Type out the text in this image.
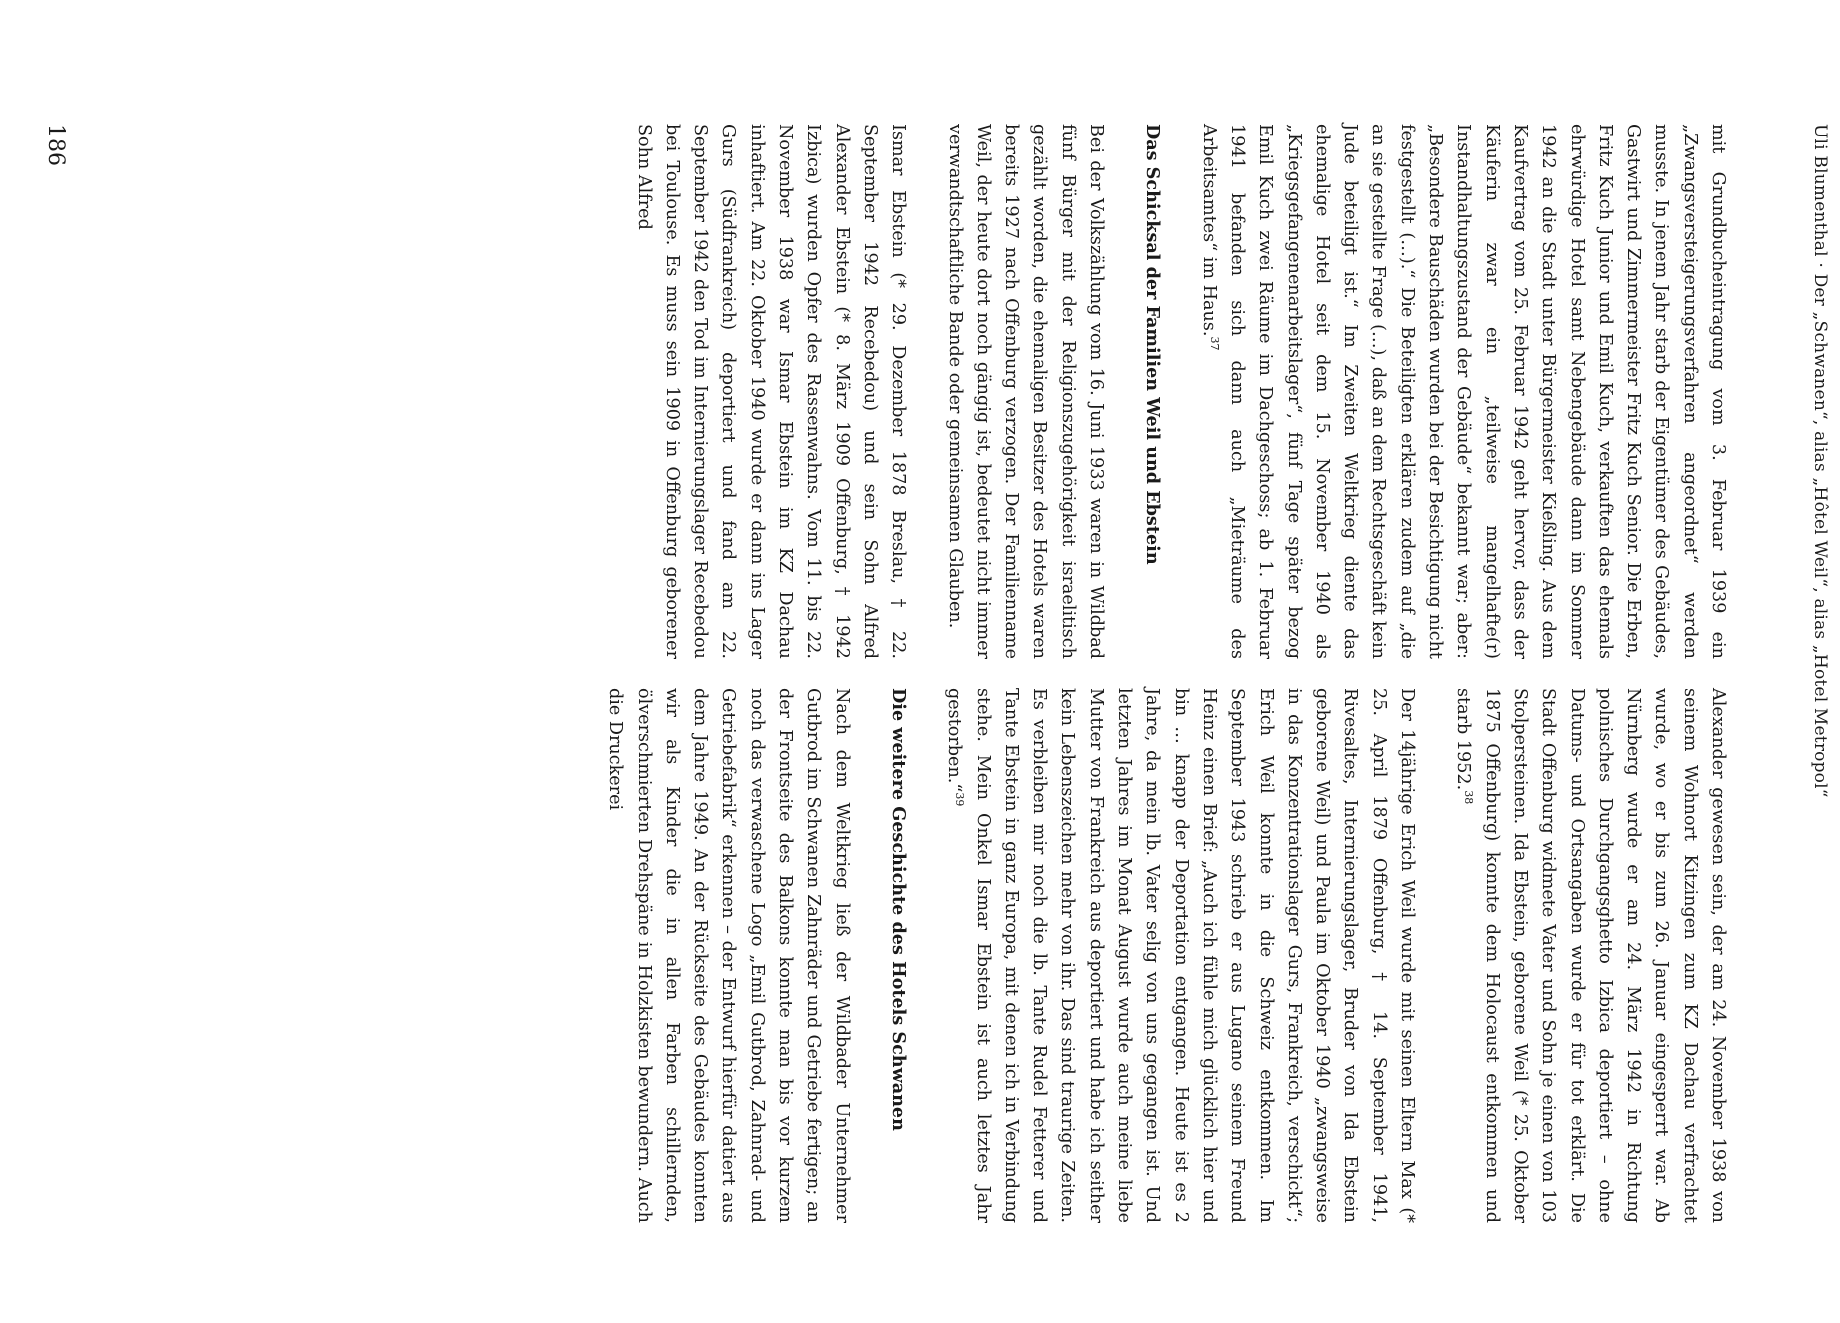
Uli Blumenthal · Der „Schwanen“, alias „Hôtel Weil“, alias „Hotel Metropol“

mit Grundbucheintragung vom 3. Februar 1939 ein „Zwangsversteigerungsverfahren angeordnet“ werden musste. In jenem Jahr starb der Eigentümer des Gebäudes, Gastwirt und Zimmermeister Fritz Kuch Senior. Die Erben, Fritz Kuch Junior und Emil Kuch, verkauften das ehemals ehrwürdige Hotel samt Nebengebäude dann im Sommer 1942 an die Stadt unter Bürgermeister Kießling. Aus dem Kaufvertrag vom 25. Februar 1942 geht hervor, dass der Käuferin zwar ein „teilweise mangelhafte(r) Instandhaltungszustand der Gebäude“ bekannt war; aber: „Besondere Bauschäden wurden bei der Besichtigung nicht festgestellt (…).“ Die Beteiligten erklären zudem auf „die an sie gestellte Frage (…), daß an dem Rechtsgeschäft kein Jude beteiligt ist.“ Im Zweiten Weltkrieg diente das ehemalige Hotel seit dem 15. November 1940 als „Kriegsgefangenenarbeitslager“, fünf Tage später bezog Emil Kuch zwei Räume im Dachgeschoss; ab 1. Februar 1941 befanden sich dann auch „Mieträume des Arbeitsamtes“ im Haus.$^{37}$

Das Schicksal der Familien Weil und Ebstein

Bei der Volkszählung vom 16. Juni 1933 waren in Wildbad fünf Bürger mit der Religionszugehörigkeit israelitisch gezählt worden, die ehemaligen Besitzer des Hotels waren bereits 1927 nach Offenburg verzogen. Der Familienname Weil, der heute dort noch gängig ist, bedeutet nicht immer verwandtschaftliche Bande oder gemeinsamen Glauben.

Ismar Ebstein (* 29. Dezember 1878 Breslau, † 22. September 1942 Recebedou) und sein Sohn Alfred Alexander Ebstein (* 8. März 1909 Offenburg, † 1942 Izbica) wurden Opfer des Rassenwahns. Vom 11. bis 22. November 1938 war Ismar Ebstein im KZ Dachau inhaftiert. Am 22. Oktober 1940 wurde er dann ins Lager Gurs (Südfrankreich) deportiert und fand am 22. September 1942 den Tod im Internierungslager Recebedou bei Toulouse. Es muss sein 1909 in Offenburg geborener Sohn Alfred

Alexander gewesen sein, der am 24. November 1938 von seinem Wohnort Kitzingen zum KZ Dachau verfrachtet wurde, wo er bis zum 26. Januar eingesperrt war. Ab Nürnberg wurde er am 24. März 1942 in Richtung polnisches Durchgangsghetto Izbica deportiert – ohne Datums- und Ortsangaben wurde er für tot erklärt. Die Stadt Offenburg widmete Vater und Sohn je einen von 103 Stolpersteinen. Ida Ebstein, geborene Weil (* 25. Oktober 1875 Offenburg) konnte dem Holocaust entkommen und starb 1952.38

Der 14jährige Erich Weil wurde mit seinen Eltern Max (* 25. April 1879 Offenburg, † 14. September 1941, Rivesaltes, Internierungslager, Bruder von Ida Ebstein geborene Weil) und Paula im Oktober 1940 „zwangsweise in das Konzentrationslager Gurs, Frankreich, verschickt“; Erich Weil konnte in die Schweiz entkommen. Im September 1943 schrieb er aus Lugano seinem Freund Heinz einen Brief: „Auch ich fühle mich glücklich hier und bin … knapp der Deportation entgangen. Heute ist es 2 Jahre, da mein lb. Vater selig von uns gegangen ist. Und letzten Jahres im Monat August wurde auch meine liebe Mutter von Frankreich aus deportiert und habe ich seither kein Lebenszeichen mehr von ihr. Das sind traurige Zeiten. Es verbleiben mir noch die lb. Tante Rudel Fetterer und Tante Ebstein in ganz Europa, mit denen ich in Verbindung stehe. Mein Onkel Ismar Ebstein ist auch letztes Jahr gestorben.“$^{39}$

Die weitere Geschichte des Hotels Schwanen

Nach dem Weltkrieg ließ der Wildbader Unternehmer Gutbrod im Schwanen Zahnräder und Getriebe fertigen; an der Frontseite des Balkons konnte man bis vor kurzem noch das verwaschene Logo „Emil Gutbrod, Zahnrad- und Getriebefabrik“ erkennen – der Entwurf hierfür datiert aus dem Jahre 1949. An der Rückseite des Gebäudes konnten wir als Kinder die in allen Farben schillernden, ölverschmierten Drehspäne in Holzkisten bewundern. Auch die Druckerei

186
